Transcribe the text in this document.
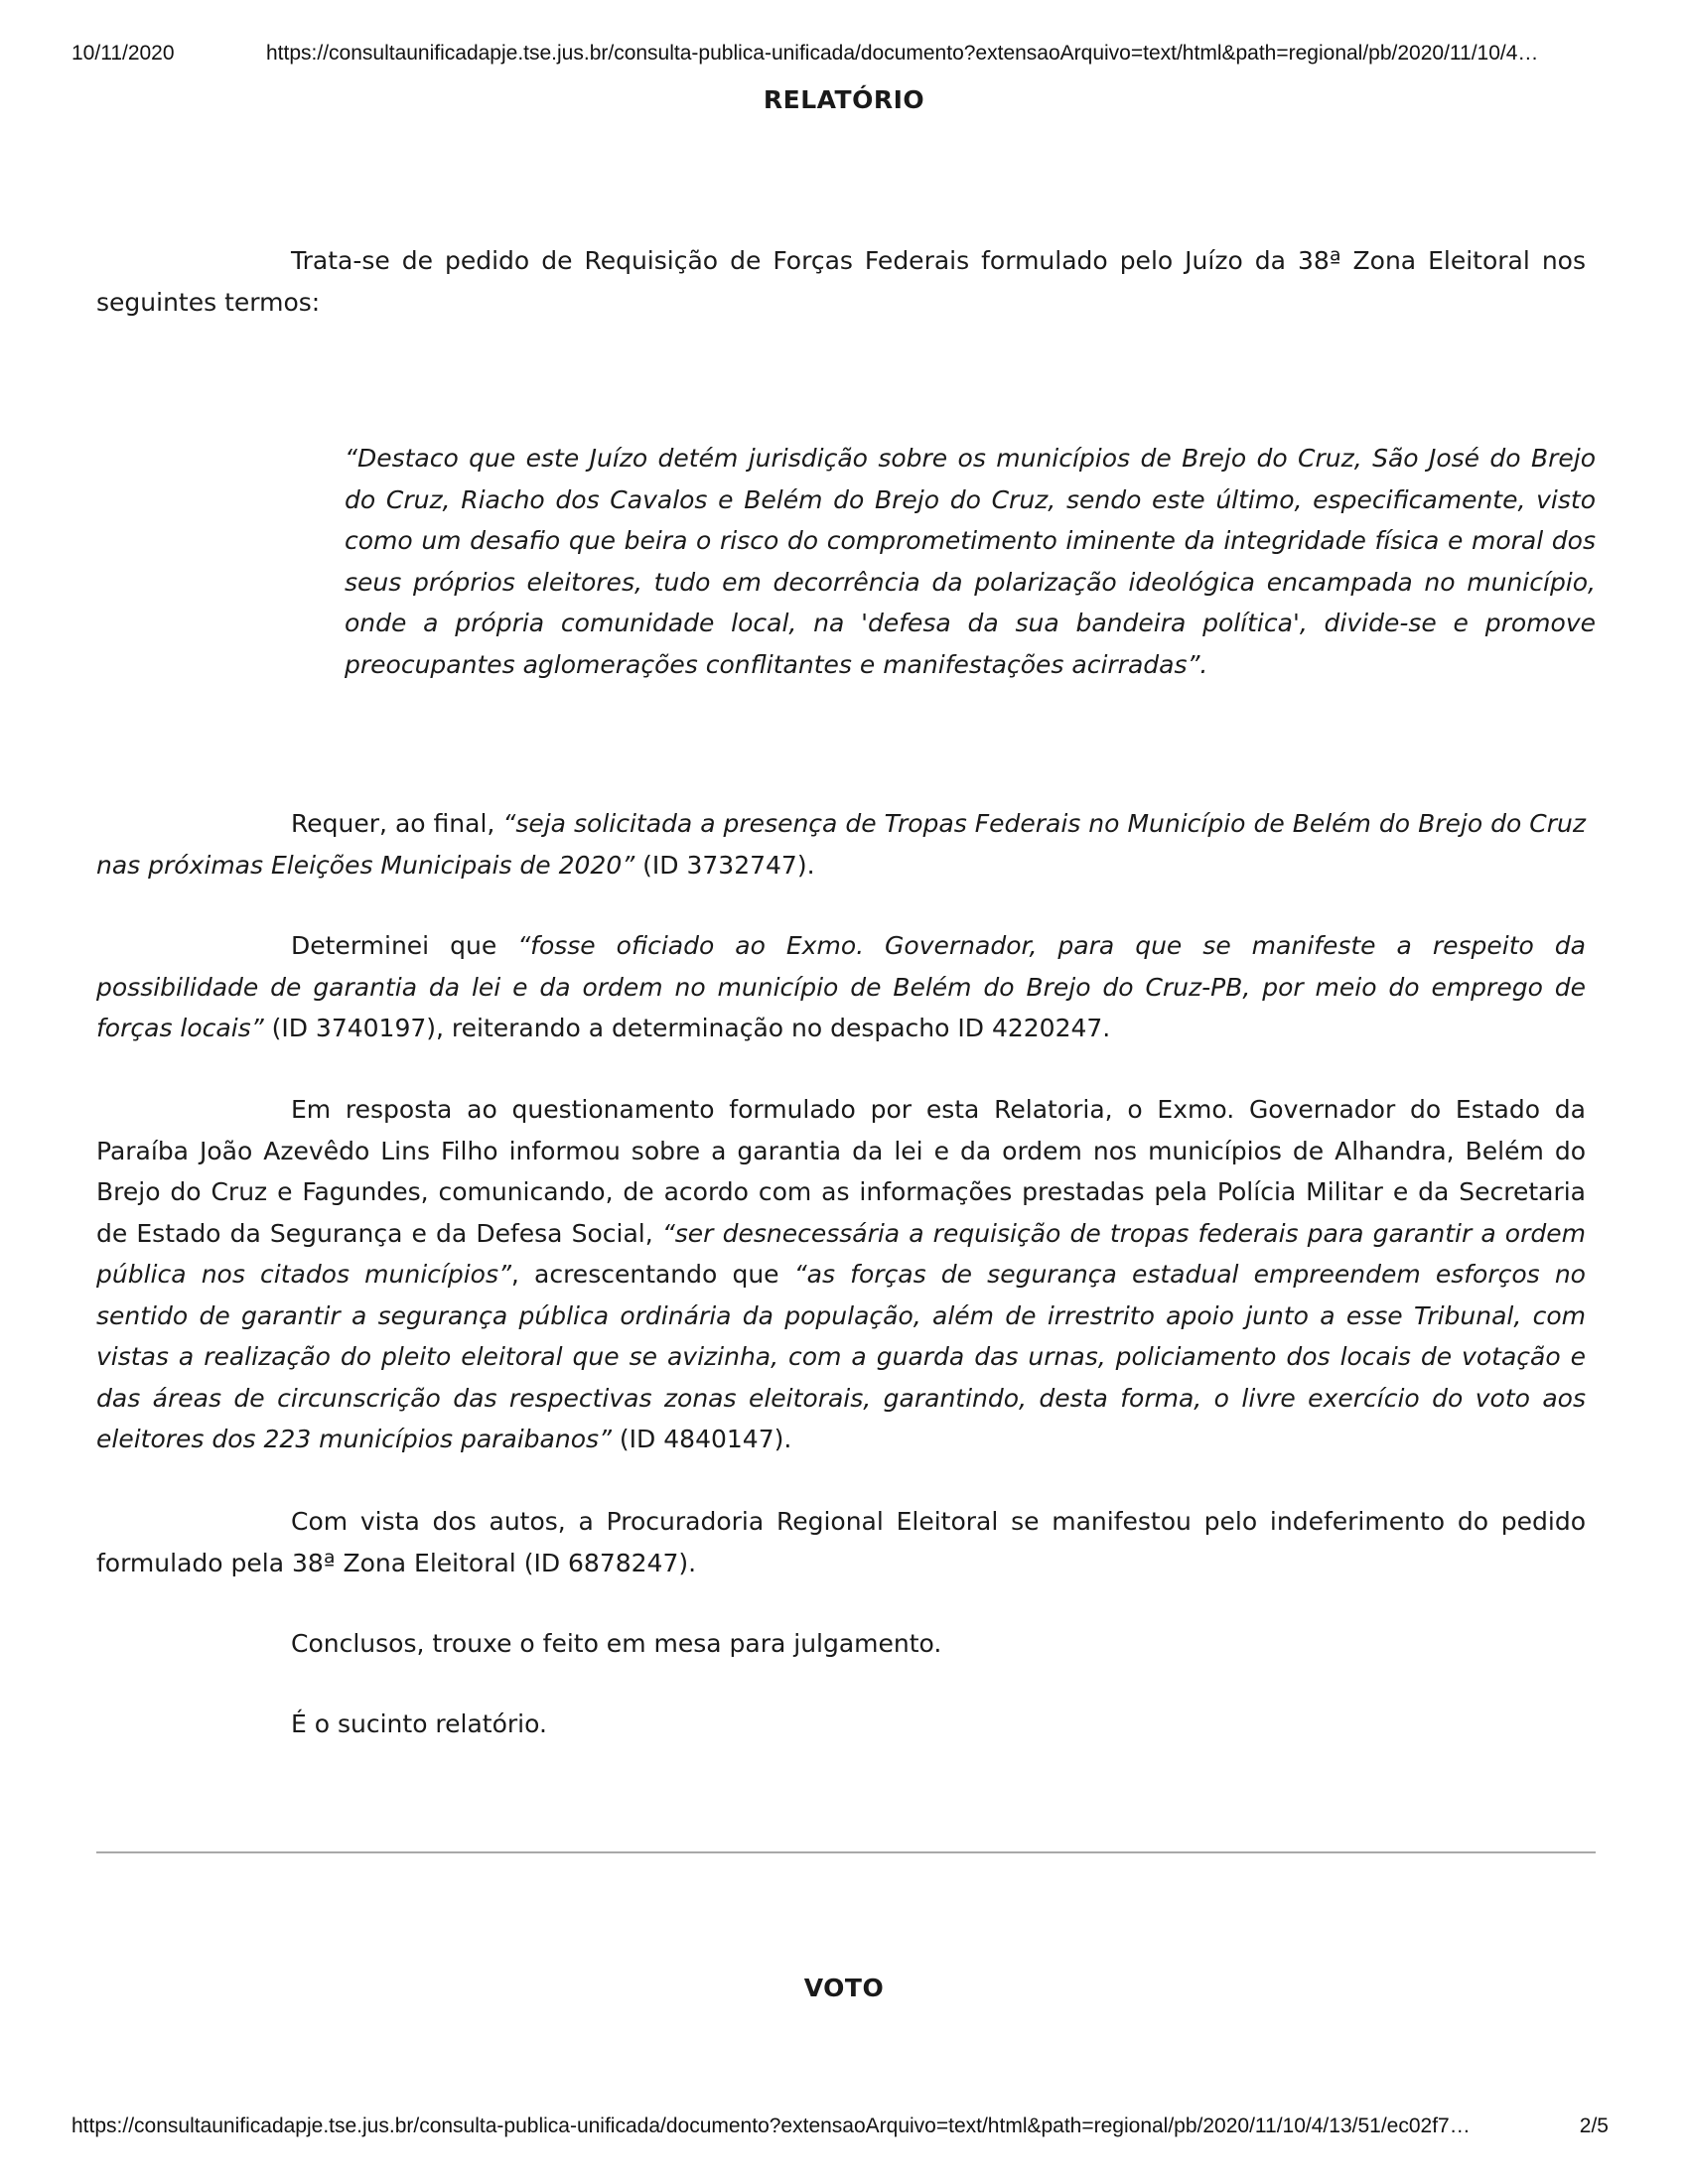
10/11/2020	https://consultaunificadapje.tse.jus.br/consulta-publica-unificada/documento?extensaoArquivo=text/html&path=regional/pb/2020/11/10/4…
RELATÓRIO

Trata-se de pedido de Requisição de Forças Federais formulado pelo Juízo da 38ª Zona Eleitoral nos seguintes termos:

“Destaco que este Juízo detém jurisdição sobre os municípios de Brejo do Cruz, São José do Brejo do Cruz, Riacho dos Cavalos e Belém do Brejo do Cruz, sendo este último, especificamente, visto como um desafio que beira o risco do comprometimento iminente da integridade física e moral dos seus próprios eleitores, tudo em decorrência da polarização ideológica encampada no município, onde a própria comunidade local, na 'defesa da sua bandeira política', divide-se e promove preocupantes aglomerações conflitantes e manifestações acirradas”.

Requer, ao final, “seja solicitada a presença de Tropas Federais no Município de Belém do Brejo do Cruz nas próximas Eleições Municipais de 2020” (ID 3732747).

Determinei que “fosse oficiado ao Exmo. Governador, para que se manifeste a respeito da possibilidade de garantia da lei e da ordem no município de Belém do Brejo do Cruz-PB, por meio do emprego de forças locais” (ID 3740197), reiterando a determinação no despacho ID 4220247.

Em resposta ao questionamento formulado por esta Relatoria, o Exmo. Governador do Estado da Paraíba João Azevêdo Lins Filho informou sobre a garantia da lei e da ordem nos municípios de Alhandra, Belém do Brejo do Cruz e Fagundes, comunicando, de acordo com as informações prestadas pela Polícia Militar e da Secretaria de Estado da Segurança e da Defesa Social, “ser desnecessária a requisição de tropas federais para garantir a ordem pública nos citados municípios”, acrescentando que “as forças de segurança estadual empreendem esforços no sentido de garantir a segurança pública ordinária da população, além de irrestrito apoio junto a esse Tribunal, com vistas a realização do pleito eleitoral que se avizinha, com a guarda das urnas, policiamento dos locais de votação e das áreas de circunscrição das respectivas zonas eleitorais, garantindo, desta forma, o livre exercício do voto aos eleitores dos 223 municípios paraibanos” (ID 4840147).

Com vista dos autos, a Procuradoria Regional Eleitoral se manifestou pelo indeferimento do pedido formulado pela 38ª Zona Eleitoral (ID 6878247).

Conclusos, trouxe o feito em mesa para julgamento.

É o sucinto relatório.

VOTO
https://consultaunificadapje.tse.jus.br/consulta-publica-unificada/documento?extensaoArquivo=text/html&path=regional/pb/2020/11/10/4/13/51/ec02f7…	2/5
